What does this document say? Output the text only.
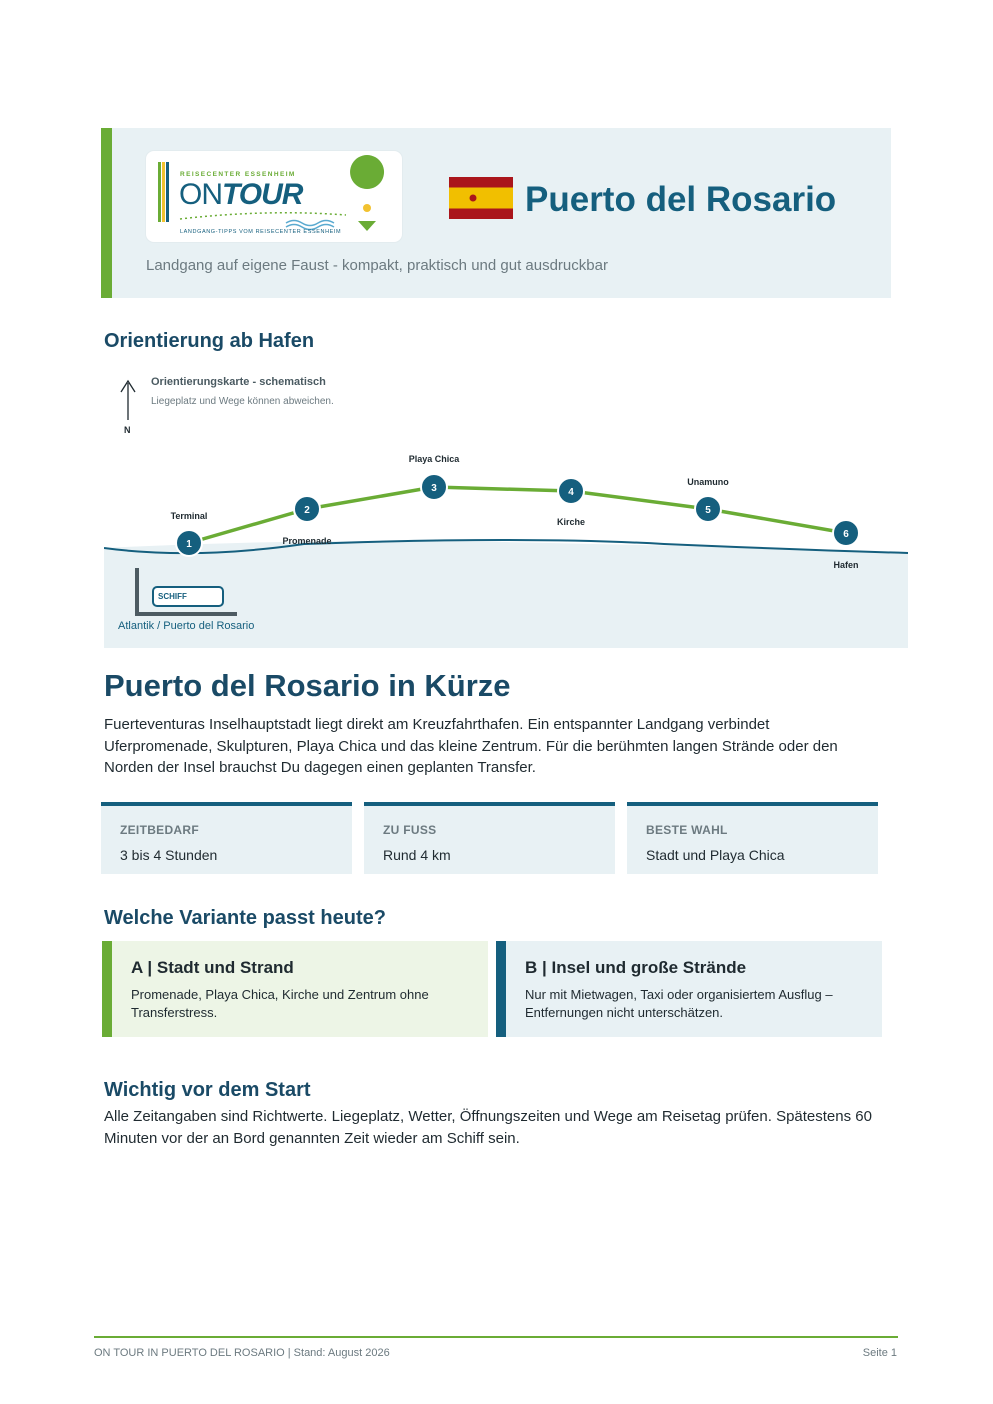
REISECENTER ESSENHEIM
ONTOUR
LANDGANG-TIPPS VOM REISECENTER ESSENHEIM
Puerto del Rosario
Landgang auf eigene Faust - kompakt, praktisch und gut ausdruckbar
Orientierung ab Hafen
1
2
3	4
5
6
Orientierungskarte - schematisch
Liegeplatz und Wege können abweichen.
N
Terminal
Promenade
Playa Chica
Kirche
Unamuno
Hafen
SCHIFF
Atlantik / Puerto del Rosario
Puerto del Rosario in Kürze

Fuerteventuras Inselhauptstadt liegt direkt am Kreuzfahrthafen. Ein entspannter Landgang verbindet Uferpromenade, Skulpturen, Playa Chica und das kleine Zentrum. Für die berühmten langen Strände oder den Norden der Insel brauchst Du dagegen einen geplanten Transfer.

ZEITBEDARF
3 bis 4 Stunden
ZU FUSS
Rund 4 km
BESTE WAHL
Stadt und Playa Chica
Welche Variante passt heute?
A | Stadt und Strand
Promenade, Playa Chica, Kirche und Zentrum ohne Transferstress.
B | Insel und große Strände
Nur mit Mietwagen, Taxi oder organisiertem Ausflug – Entfernungen nicht unterschätzen.
Wichtig vor dem Start

Alle Zeitangaben sind Richtwerte. Liegeplatz, Wetter, Öffnungszeiten und Wege am Reisetag prüfen. Spätestens 60 Minuten vor der an Bord genannten Zeit wieder am Schiff sein.

ON TOUR IN PUERTO DEL ROSARIO | Stand: August 2026	Seite 1
